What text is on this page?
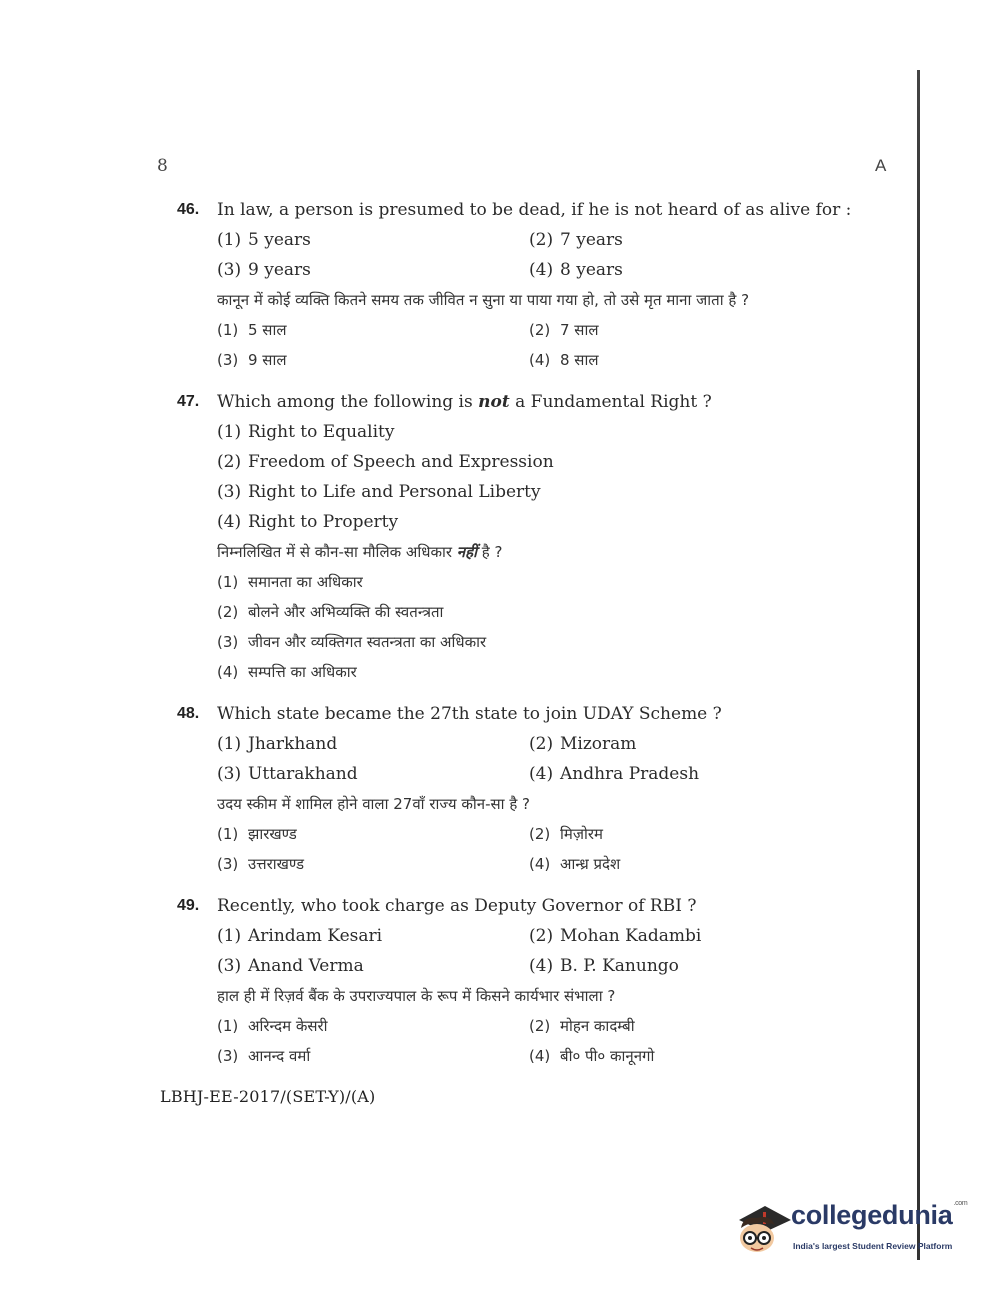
8	A
46.	In law, a person is presumed to be dead, if he is not heard of as alive for :
(1) 5 years	(2) 7 years
(3) 9 years	(4) 8 years
कानून में कोई व्यक्ति कितने समय तक जीवित न सुना या पाया गया हो, तो उसे मृत माना जाता है ?
(1) 5 साल	(2) 7 साल
(3) 9 साल	(4) 8 साल
47.	Which among the following is not a Fundamental Right ?
(1) Right to Equality
(2) Freedom of Speech and Expression
(3) Right to Life and Personal Liberty
(4) Right to Property
निम्नलिखित में से कौन-सा मौलिक अधिकार नहीं है ?
(1) समानता का अधिकार
(2) बोलने और अभिव्यक्ति की स्वतन्त्रता
(3) जीवन और व्यक्तिगत स्वतन्त्रता का अधिकार
(4) सम्पत्ति का अधिकार
48.	Which state became the 27th state to join UDAY Scheme ?
(1) Jharkhand	(2) Mizoram
(3) Uttarakhand	(4) Andhra Pradesh
उदय स्कीम में शामिल होने वाला 27वाँ राज्य कौन-सा है ?
(1) झारखण्ड	(2) मिज़ोरम
(3) उत्तराखण्ड	(4) आन्ध्र प्रदेश
49.	Recently, who took charge as Deputy Governor of RBI ?
(1) Arindam Kesari	(2) Mohan Kadambi
(3) Anand Verma	(4) B. P. Kanungo
हाल ही में रिज़र्व बैंक के उपराज्यपाल के रूप में किसने कार्यभार संभाला ?
(1) अरिन्दम केसरी	(2) मोहन कादम्बी
(3) आनन्द वर्मा	(4) बी० पी० कानूनगो
LBHJ-EE-2017/(SET-Y)/(A)
collegedunia$^{.com}$
India's largest Student Review Platform
